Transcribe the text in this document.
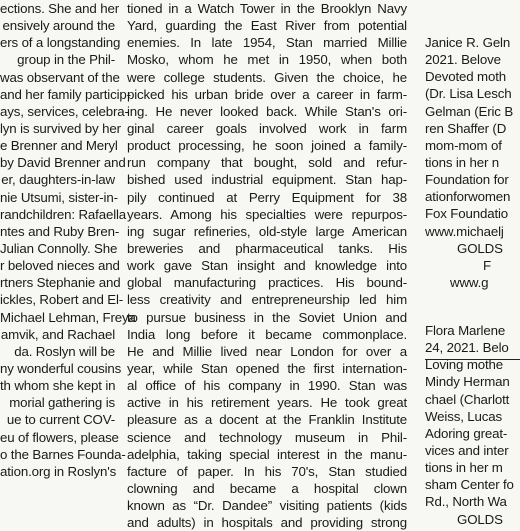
ections. She and her
ensively around the
ers of a longstanding
group in the Phil-
was observant of the
and her family particip-
ays, services, celebra-
lyn is survived by her
e Brenner and Meryl
by David Brenner and
er, daughters-in-law
nie Utsumi, sister-in-
randchildren: Rafaella
ntes and Ruby Bren-
Julian Connolly. She
r beloved nieces and
rtners Stephanie and
ickles, Robert and El-
Michael Lehman, Freya
amvik, and Rachael
da. Roslyn will be
ny wonderful cousins
th whom she kept in
morial gathering is
ue to current COV-
eu of flowers, please
o the Barnes Founda-
ation.org in Roslyn's
tioned in a Watch Tower in the Brooklyn Navy
Yard, guarding the East River from potential
enemies. In late 1954, Stan married Millie
Mosko, whom he met in 1950, when both
were college students. Given the choice, he
picked his urban bride over a career in farm-
ing. He never looked back. While Stan's ori-
ginal career goals involved work in farm
product processing, he soon joined a family-
run company that bought, sold and refur-
bished used industrial equipment. Stan hap-
pily continued at Perry Equipment for 38
years. Among his specialties were repurpos-
ing sugar refineries, old-style large American
breweries and pharmaceutical tanks. His
work gave Stan insight and knowledge into
global manufacturing practices. His bound-
less creativity and entrepreneurship led him
to pursue business in the Soviet Union and
India long before it became commonplace.
He and Millie lived near London for over a
year, while Stan opened the first internation-
al office of his company in 1990. Stan was
active in his retirement years. He took great
pleasure as a docent at the Franklin Institute
science and technology museum in Phil-
adelphia, taking special interest in the manu-
facture of paper. In his 70's, Stan studied
clowning and became a hospital clown
known as “Dr. Dandee” visiting patients (kids
and adults) in hospitals and providing strong
Janice R. Geln
2021. Belove
Devoted moth
(Dr. Lisa Lesch
Gelman (Eric B
ren Shaffer (D
mom-mom of
tions in her n
Foundation for
ationforwomen
Fox Foundatio
www.michaelj
GOLDS
F
www.g
Flora Marlene
24, 2021. Belo
Loving mothe
Mindy Herman
chael (Charlott
Weiss, Lucas
Adoring great-
vices and inter
tions in her m
sham Center fo
Rd., North Wa
GOLDS
